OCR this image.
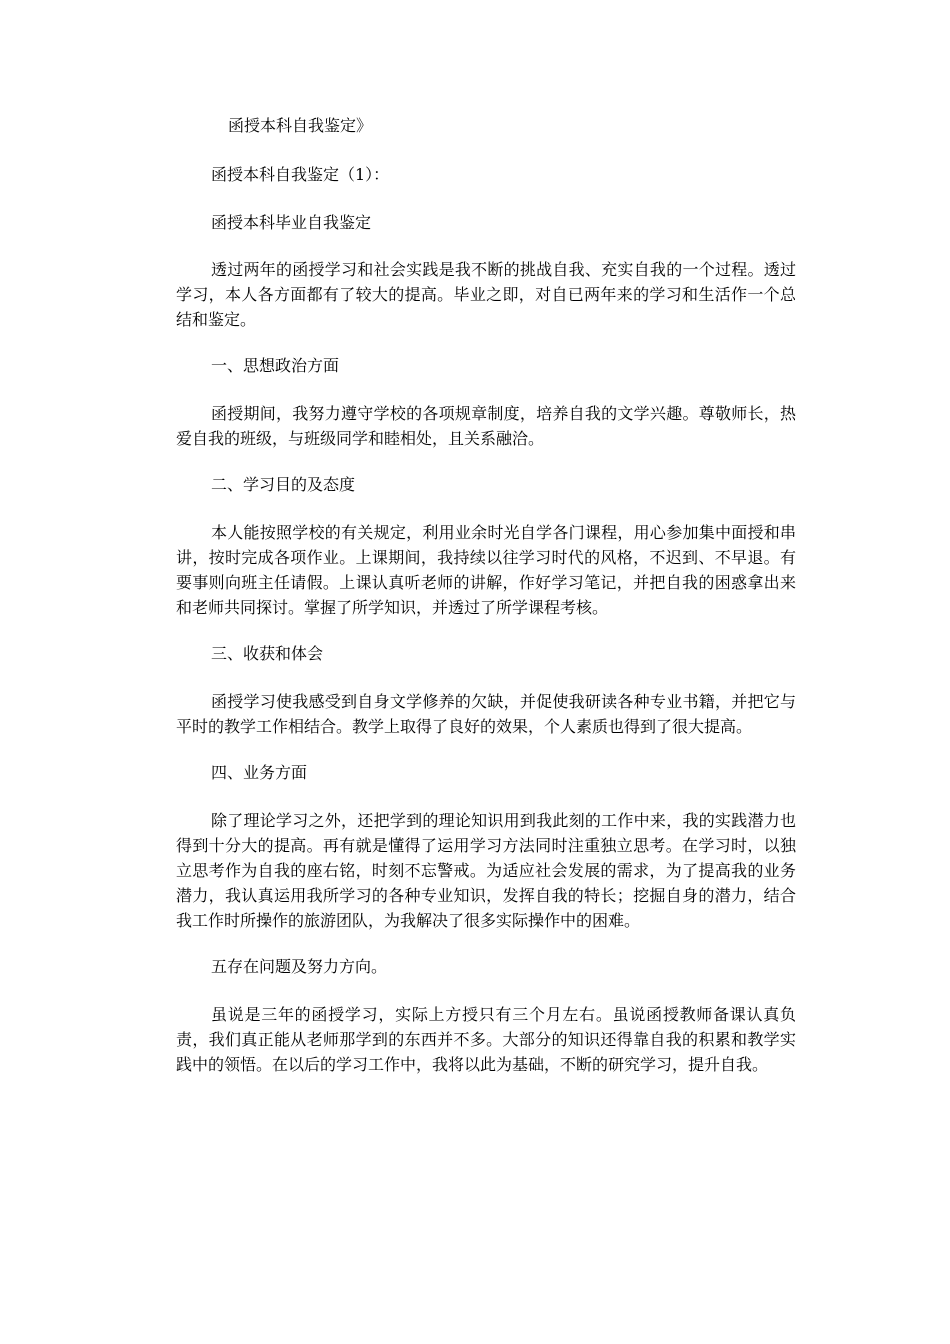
函授本科自我鉴定》

函授本科自我鉴定（1）：

函授本科毕业自我鉴定

透过两年的函授学习和社会实践是我不断的挑战自我、充实自我的一个过程。透过学习，本人各方面都有了较大的提高。毕业之即，对自已两年来的学习和生活作一个总结和鉴定。

一、思想政治方面

函授期间，我努力遵守学校的各项规章制度，培养自我的文学兴趣。尊敬师长，热爱自我的班级，与班级同学和睦相处，且关系融洽。

二、学习目的及态度

本人能按照学校的有关规定，利用业余时光自学各门课程，用心参加集中面授和串讲，按时完成各项作业。上课期间，我持续以往学习时代的风格，不迟到、不早退。有要事则向班主任请假。上课认真听老师的讲解，作好学习笔记，并把自我的困惑拿出来和老师共同探讨。掌握了所学知识，并透过了所学课程考核。

三、收获和体会

函授学习使我感受到自身文学修养的欠缺，并促使我研读各种专业书籍，并把它与平时的教学工作相结合。教学上取得了良好的效果，个人素质也得到了很大提高。

四、业务方面

除了理论学习之外，还把学到的理论知识用到我此刻的工作中来，我的实践潜力也得到十分大的提高。再有就是懂得了运用学习方法同时注重独立思考。在学习时，以独立思考作为自我的座右铭，时刻不忘警戒。为适应社会发展的需求，为了提高我的业务潜力，我认真运用我所学习的各种专业知识，发挥自我的特长；挖掘自身的潜力，结合我工作时所操作的旅游团队，为我解决了很多实际操作中的困难。

五存在问题及努力方向。

虽说是三年的函授学习，实际上方授只有三个月左右。虽说函授教师备课认真负责，我们真正能从老师那学到的东西并不多。大部分的知识还得靠自我的积累和教学实践中的领悟。在以后的学习工作中，我将以此为基础，不断的研究学习，提升自我。
